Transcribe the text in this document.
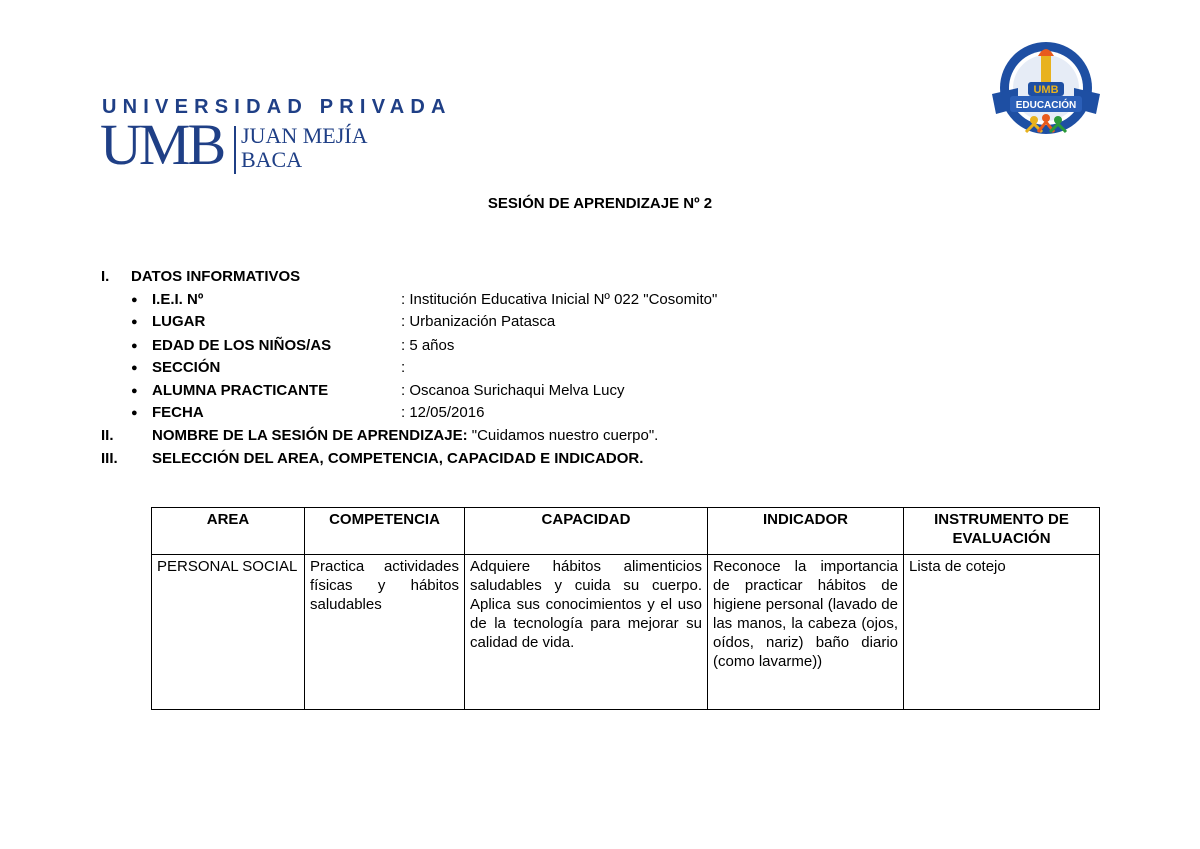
UNIVERSIDAD PRIVADA
UMB JUAN MEJÍA
BACA
UMB
EDUCACIÓN
SESIÓN DE APRENDIZAJE Nº 2
I. DATOS INFORMATIVOS
● I.E.I. Nº	: Institución Educativa Inicial Nº 022 "Cosomito"
● LUGAR	: Urbanización Patasca
● EDAD DE LOS NIÑOS/AS	: 5 años
● SECCIÓN	:
● ALUMNA PRACTICANTE	: Oscanoa Surichaqui Melva Lucy
● FECHA	: 12/05/2016
II.	NOMBRE DE LA SESIÓN DE APRENDIZAJE: "Cuidamos nuestro cuerpo".
III. SELECCIÓN DEL AREA, COMPETENCIA, CAPACIDAD E INDICADOR.
AREA	COMPETENCIA	CAPACIDAD	INDICADOR	INSTRUMENTO DE EVALUACIÓN
PERSONAL SOCIAL	Practica actividades físicas y hábitos saludables	Adquiere hábitos alimenticios saludables y cuida su cuerpo. Aplica sus conocimientos y el uso de la tecnología para mejorar su calidad de vida.	Reconoce la importancia de practicar hábitos de higiene personal (lavado de las manos, la cabeza (ojos, oídos, nariz) baño diario (como lavarme))	Lista de cotejo
